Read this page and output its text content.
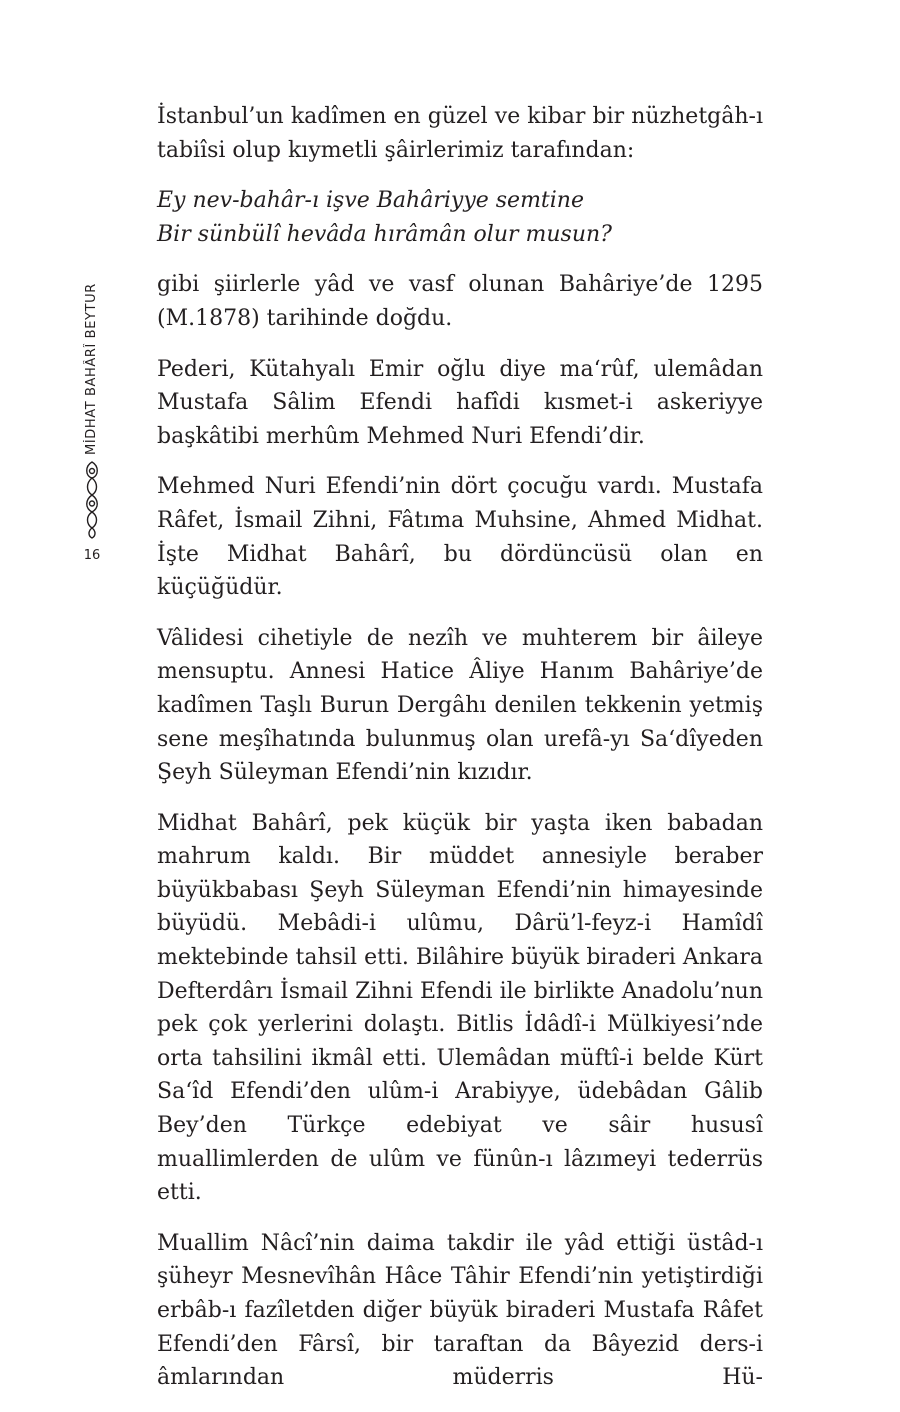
MİDHAT BAHÂRÎ BEYTUR
16

İstanbul’un kadîmen en güzel ve kibar bir nüzhetgâh-ı tabiîsi olup kıymetli şâirlerimiz tarafından:

Ey nev-bahâr-ı işve Bahâriyye semtine
Bir sünbülî hevâda hırâmân olur musun?

gibi şiirlerle yâd ve vasf olunan Bahâriye’de 1295 (M.1878) tarihinde doğdu.

Pederi, Kütahyalı Emir oğlu diye ma‘rûf, ulemâdan Mustafa Sâlim Efendi hafîdi kısmet-i askeriyye başkâtibi merhûm Mehmed Nuri Efendi’dir.

Mehmed Nuri Efendi’nin dört çocuğu vardı. Mustafa Râfet, İsmail Zihni, Fâtıma Muhsine, Ahmed Midhat. İşte Midhat Bahârî, bu dördüncüsü olan en küçüğüdür.

Vâlidesi cihetiyle de nezîh ve muhterem bir âileye mensuptu. Annesi Hatice Âliye Hanım Bahâriye’de kadîmen Taşlı Burun Dergâhı denilen tekkenin yetmiş sene meşîhatında bulunmuş olan urefâ-yı Sa‘dîyeden Şeyh Süleyman Efendi’nin kızıdır.

Midhat Bahârî, pek küçük bir yaşta iken babadan mahrum kaldı. Bir müddet annesiyle beraber büyükbabası Şeyh Süleyman Efendi’nin himayesinde büyüdü. Mebâdi-i ulûmu, Dârü’l-feyz-i Hamîdî mektebinde tahsil etti. Bilâhire büyük biraderi Ankara Defterdârı İsmail Zihni Efendi ile birlikte Anadolu’nun pek çok yerlerini dolaştı. Bitlis İdâdî-i Mülkiyesi’nde orta tahsilini ikmâl etti. Ulemâdan müftî-i belde Kürt Sa‘îd Efendi’den ulûm-i Arabiyye, üdebâdan Gâlib Bey’den Türkçe edebiyat ve sâir hususî muallimlerden de ulûm ve fünûn-ı lâzımeyi tederrüs etti.

Muallim Nâcî’nin daima takdir ile yâd ettiği üstâd-ı şüheyr Mesnevîhân Hâce Tâhir Efendi’nin yetiştirdiği erbâb-ı fazîletden diğer büyük biraderi Mustafa Râfet Efendi’den Fârsî, bir taraftan da Bâyezid ders-i âmlarından müderris Hü-
